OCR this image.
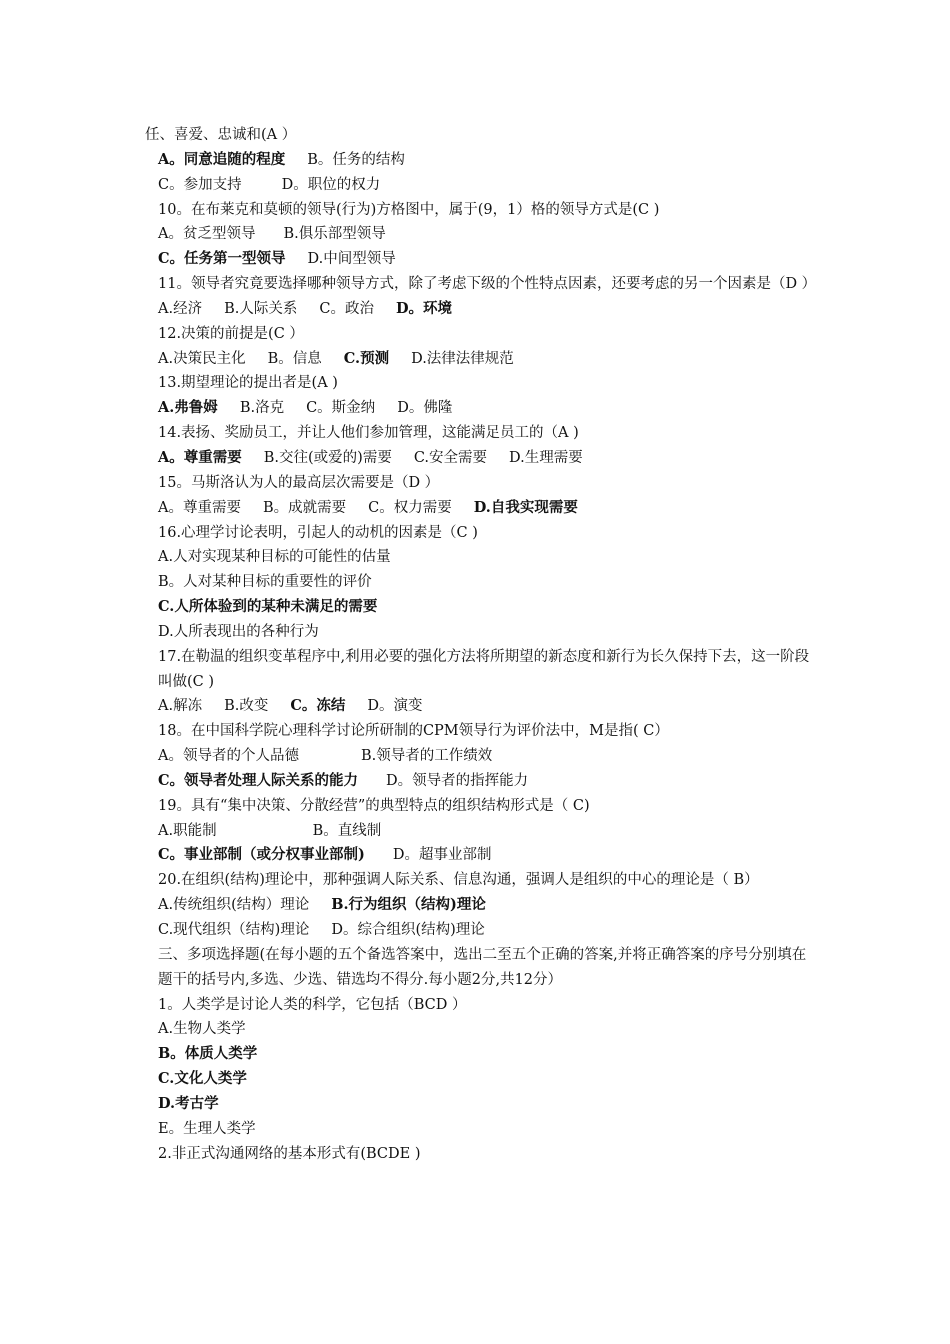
任、喜爱、忠诚和(A ）
A。同意追随的程度 B。任务的结构
C。参加支持	D。职位的权力
10。在布莱克和莫顿的领导(行为)方格图中，属于(9，1）格的领导方式是(C )
A。贫乏型领导 B.俱乐部型领导
C。任务第一型领导 D.中间型领导
11。领导者究竟要选择哪种领导方式，除了考虑下级的个性特点因素，还要考虑的另一个因素是（D ）
A.经济 B.人际关系 C。政治 D。环境
12.决策的前提是(C ）
A.决策民主化 B。信息 C.预测 D.法律法律规范
13.期望理论的提出者是(A )
A.弗鲁姆 B.洛克 C。斯金纳 D。佛隆
14.表扬、奖励员工，并让人他们参加管理，这能满足员工的（A )
A。尊重需要 B.交往(或爱的)需要 C.安全需要 D.生理需要
15。马斯洛认为人的最高层次需要是（D ）
A。尊重需要 B。成就需要 C。权力需要 D.自我实现需要
16.心理学讨论表明，引起人的动机的因素是（C )
A.人对实现某种目标的可能性的估量
B。人对某种目标的重要性的评价
C.人所体验到的某种未满足的需要
D.人所表现出的各种行为
17.在勒温的组织变革程序中,利用必要的强化方法将所期望的新态度和新行为长久保持下去，这一阶段叫做(C )
A.解冻 B.改变 C。冻结 D。演变
18。在中国科学院心理科学讨论所研制的CPM领导行为评价法中，M是指( C）
A。领导者的个人品德	B.领导者的工作绩效
C。领导者处理人际关系的能力 D。领导者的指挥能力
19。具有“集中决策、分散经营”的典型特点的组织结构形式是（ C)
A.职能制	B。直线制
C。事业部制（或分权事业部制) D。超事业部制
20.在组织(结构)理论中，那种强调人际关系、信息沟通，强调人是组织的中心的理论是（ B）
A.传统组织(结构）理论 B.行为组织（结构)理论
C.现代组织（结构)理论 D。综合组织(结构)理论
三、多项选择题(在每小题的五个备选答案中，选出二至五个正确的答案,并将正确答案的序号分别填在题干的括号内,多选、少选、错选均不得分.每小题2分,共12分）
1。人类学是讨论人类的科学，它包括（BCD ）
A.生物人类学
B。体质人类学
C.文化人类学
D.考古学
E。生理人类学
2.非正式沟通网络的基本形式有(BCDE )
